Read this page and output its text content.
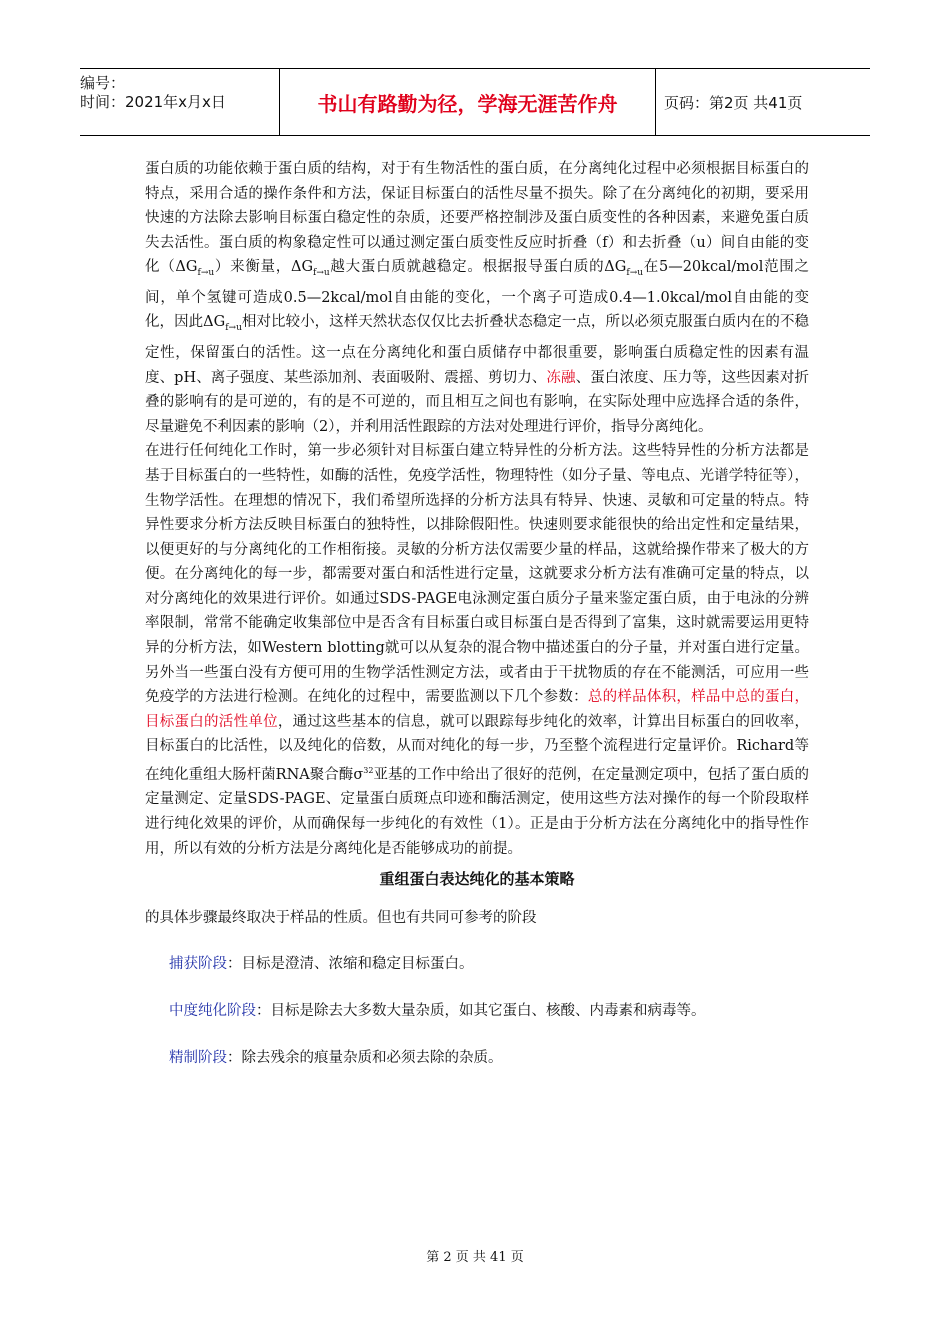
编号：
时间：2021年x月x日	书山有路勤为径，学海无涯苦作舟	页码：第2页 共41页

蛋白质的功能依赖于蛋白质的结构，对于有生物活性的蛋白质，在分离纯化过程中必须根据目标蛋白的特点，采用合适的操作条件和方法，保证目标蛋白的活性尽量不损失。除了在分离纯化的初期，要采用快速的方法除去影响目标蛋白稳定性的杂质，还要严格控制涉及蛋白质变性的各种因素，来避免蛋白质失去活性。蛋白质的构象稳定性可以通过测定蛋白质变性反应时折叠（f）和去折叠（u）间自由能的变化$(\Delta G_{f\to u})$来衡量，$\Delta G_{f\to u}$越大蛋白质就越稳定。根据报导蛋白质的$\Delta G_{f\to u}$在5—20kcal/mol范围之间，单个氢键可造成0.5—2kcal/mol自由能的变化，一个离子可造成0.4—1.0kcal/mol自由能的变化，因此$\Delta G_{f\to u}$相对比较小，这样天然状态仅仅比去折叠状态稳定一点，所以必须克服蛋白质内在的不稳定性，保留蛋白的活性。这一点在分离纯化和蛋白质储存中都很重要，影响蛋白质稳定性的因素有温度、pH、离子强度、某些添加剂、表面吸附、震摇、剪切力、冻融、蛋白浓度、压力等，这些因素对折叠的影响有的是可逆的，有的是不可逆的，而且相互之间也有影响，在实际处理中应选择合适的条件，尽量避免不利因素的影响（2），并利用活性跟踪的方法对处理进行评价，指导分离纯化。

在进行任何纯化工作时，第一步必须针对目标蛋白建立特异性的分析方法。这些特异性的分析方法都是基于目标蛋白的一些特性，如酶的活性，免疫学活性，物理特性（如分子量、等电点、光谱学特征等），生物学活性。在理想的情况下，我们希望所选择的分析方法具有特异、快速、灵敏和可定量的特点。特异性要求分析方法反映目标蛋白的独特性，以排除假阳性。快速则要求能很快的给出定性和定量结果，以便更好的与分离纯化的工作相衔接。灵敏的分析方法仅需要少量的样品，这就给操作带来了极大的方便。在分离纯化的每一步，都需要对蛋白和活性进行定量，这就要求分析方法有准确可定量的特点，以对分离纯化的效果进行评价。如通过SDS-PAGE电泳测定蛋白质分子量来鉴定蛋白质，由于电泳的分辨率限制，常常不能确定收集部位中是否含有目标蛋白或目标蛋白是否得到了富集，这时就需要运用更特异的分析方法，如Western blotting就可以从复杂的混合物中描述蛋白的分子量，并对蛋白进行定量。另外当一些蛋白没有方便可用的生物学活性测定方法，或者由于干扰物质的存在不能测活，可应用一些免疫学的方法进行检测。在纯化的过程中，需要监测以下几个参数：总的样品体积，样品中总的蛋白，目标蛋白的活性单位，通过这些基本的信息，就可以跟踪每步纯化的效率，计算出目标蛋白的回收率，目标蛋白的比活性，以及纯化的倍数，从而对纯化的每一步，乃至整个流程进行定量评价。Richard等在纯化重组大肠杆菌RNA聚合酶$\sigma^{32}$亚基的工作中给出了很好的范例，在定量测定项中，包括了蛋白质的定量测定、定量SDS-PAGE、定量蛋白质斑点印迹和酶活测定，使用这些方法对操作的每一个阶段取样进行纯化效果的评价，从而确保每一步纯化的有效性（1）。正是由于分析方法在分离纯化中的指导性作用，所以有效的分析方法是分离纯化是否能够成功的前提。

重组蛋白表达纯化的基本策略

的具体步骤最终取决于样品的性质。但也有共同可参考的阶段

捕获阶段：目标是澄清、浓缩和稳定目标蛋白。

中度纯化阶段：目标是除去大多数大量杂质，如其它蛋白、核酸、内毒素和病毒等。

精制阶段：除去残余的痕量杂质和必须去除的杂质。

第 2 页 共 41 页
